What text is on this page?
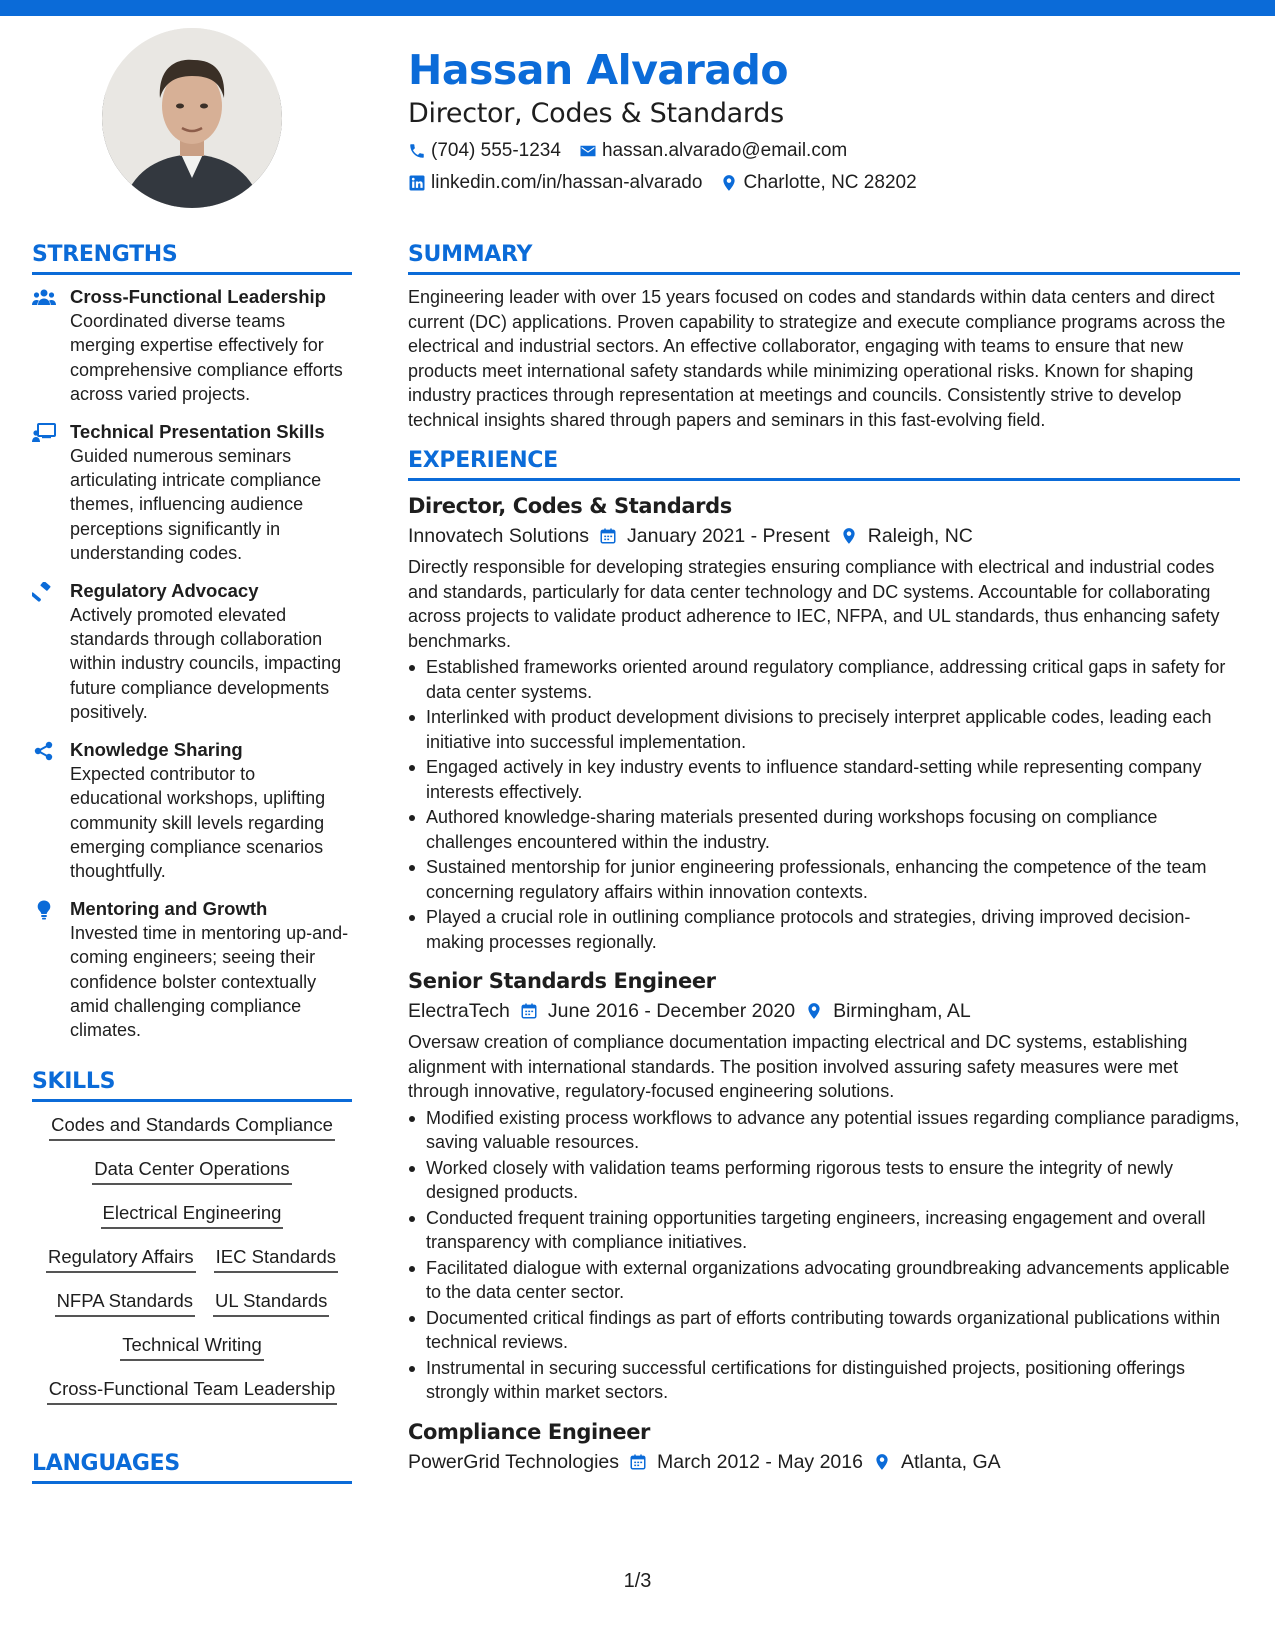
Hassan Alvarado
Director, Codes & Standards
(704) 555-1234 hassan.alvarado@email.com
linkedin.com/in/hassan-alvarado Charlotte, NC 28202
STRENGTHS
Cross-Functional Leadership
Coordinated diverse teams merging expertise effectively for comprehensive compliance efforts across varied projects.
Technical Presentation Skills
Guided numerous seminars articulating intricate compliance themes, influencing audience perceptions significantly in understanding codes.
Regulatory Advocacy
Actively promoted elevated standards through collaboration within industry councils, impacting future compliance developments positively.
Knowledge Sharing
Expected contributor to educational workshops, uplifting community skill levels regarding emerging compliance scenarios thoughtfully.
Mentoring and Growth
Invested time in mentoring up-and-coming engineers; seeing their confidence bolster contextually amid challenging compliance climates.
SKILLS
Codes and Standards Compliance
Data Center Operations
Electrical Engineering
Regulatory Affairs IEC Standards
NFPA Standards UL Standards
Technical Writing
Cross-Functional Team Leadership
LANGUAGES
SUMMARY

Engineering leader with over 15 years focused on codes and standards within data centers and direct current (DC) applications. Proven capability to strategize and execute compliance programs across the electrical and industrial sectors. An effective collaborator, engaging with teams to ensure that new products meet international safety standards while minimizing operational risks. Known for shaping industry practices through representation at meetings and councils. Consistently strive to develop technical insights shared through papers and seminars in this fast-evolving field.

EXPERIENCE
Director, Codes & Standards
Innovatech Solutions January 2021 - Present Raleigh, NC

Directly responsible for developing strategies ensuring compliance with electrical and industrial codes and standards, particularly for data center technology and DC systems. Accountable for collaborating across projects to validate product adherence to IEC, NFPA, and UL standards, thus enhancing safety benchmarks.

Established frameworks oriented around regulatory compliance, addressing critical gaps in safety for data center systems.
Interlinked with product development divisions to precisely interpret applicable codes, leading each initiative into successful implementation.
Engaged actively in key industry events to influence standard-setting while representing company interests effectively.
Authored knowledge-sharing materials presented during workshops focusing on compliance challenges encountered within the industry.
Sustained mentorship for junior engineering professionals, enhancing the competence of the team concerning regulatory affairs within innovation contexts.
Played a crucial role in outlining compliance protocols and strategies, driving improved decision-making processes regionally.
Senior Standards Engineer
ElectraTech June 2016 - December 2020 Birmingham, AL

Oversaw creation of compliance documentation impacting electrical and DC systems, establishing alignment with international standards. The position involved assuring safety measures were met through innovative, regulatory-focused engineering solutions.

Modified existing process workflows to advance any potential issues regarding compliance paradigms, saving valuable resources.
Worked closely with validation teams performing rigorous tests to ensure the integrity of newly designed products.
Conducted frequent training opportunities targeting engineers, increasing engagement and overall transparency with compliance initiatives.
Facilitated dialogue with external organizations advocating groundbreaking advancements applicable to the data center sector.
Documented critical findings as part of efforts contributing towards organizational publications within technical reviews.
Instrumental in securing successful certifications for distinguished projects, positioning offerings strongly within market sectors.
Compliance Engineer
PowerGrid Technologies March 2012 - May 2016 Atlanta, GA
1/3
